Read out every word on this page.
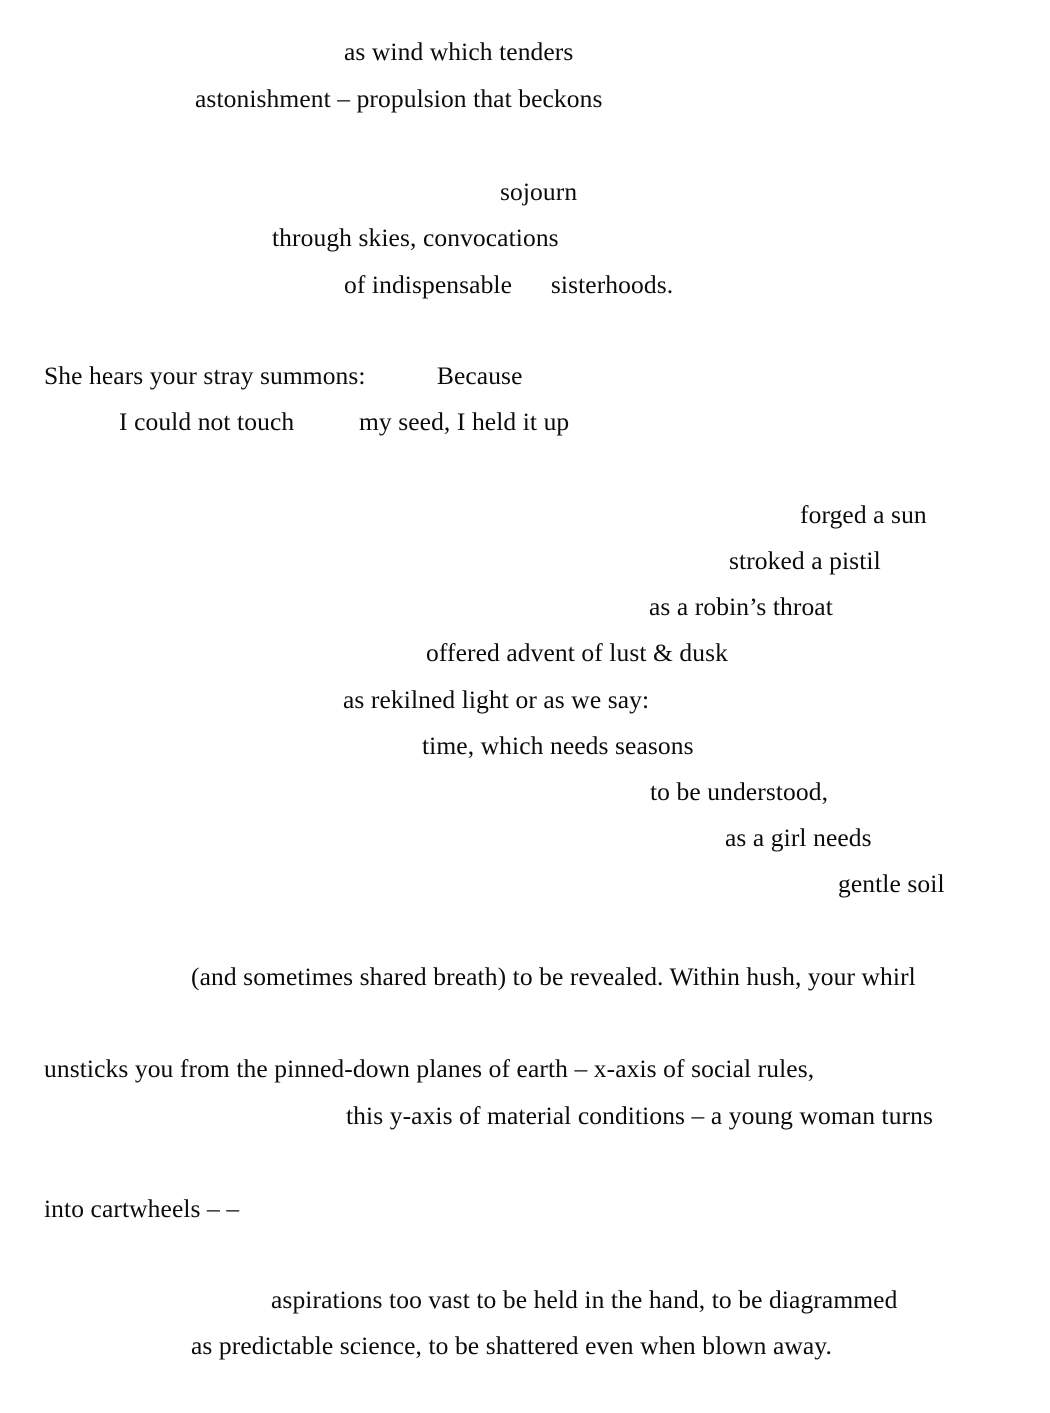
as wind which tenders
astonishment – propulsion that beckons
sojourn
through skies, convocations
of indispensable      sisterhoods.
She hears your stray summons:           Because
I could not touch          my seed, I held it up
forged a sun
stroked a pistil
as a robin’s throat
offered advent of lust & dusk
as rekilned light or as we say:
time, which needs seasons
to be understood,
as a girl needs
gentle soil
(and sometimes shared breath) to be revealed. Within hush, your whirl
unsticks you from the pinned-down planes of earth – x-axis of social rules,
this y-axis of material conditions – a young woman turns
into cartwheels – –
aspirations too vast to be held in the hand, to be diagrammed
as predictable science, to be shattered even when blown away.
